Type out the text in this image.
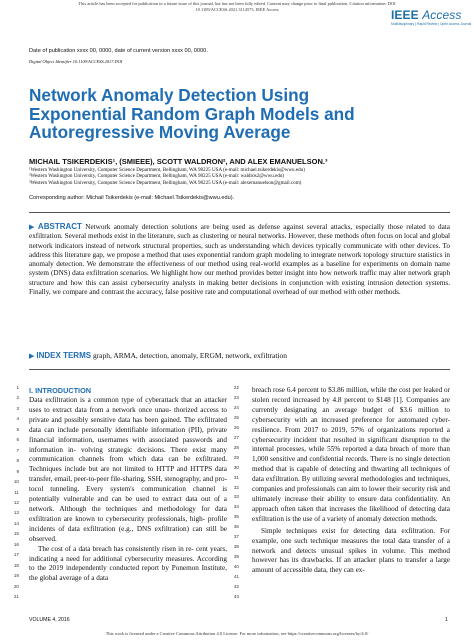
This article has been accepted for publication in a future issue of this journal, but has not been fully edited. Content may change prior to final publication. Citation information: DOI
10.1109/ACCESS.2021.3114575, IEEE Access	IEEE Access
Multidisciplinary | Rapid Review | Open Access Journal
Date of publication xxxx 00, 0000, date of current version xxxx 00, 0000.
Digital Object Identifier 10.1109/ACCESS.2017.DOI
Network Anomaly Detection Using
Exponential Random Graph Models and
Autoregressive Moving Average
MICHAIL TSIKERDEKIS¹, (SMIEEE), SCOTT WALDRON², AND ALEX EMANUELSON.³
¹Western Washington University, Computer Science Department, Bellingham, WA 98225 USA (e-mail: michael.tsikerdekis@wwu.edu)
²Western Washington University, Computer Science Department, Bellingham, WA 98225 USA (e-mail: waldros2@wwu.edu)
³Western Washington University, Computer Science Department, Bellingham, WA 98225 USA (e-mail: alexemanuelson@gmail.com)
Corresponding author: Michail Tsikerdekis (e-mail: Michael.Tsikerdekis@wwu.edu).
▶ ABSTRACT Network anomaly detection solutions are being used as defense against several attacks, especially those related to data exfiltration. Several methods exist in the literature, such as clustering or neural networks. However, these methods often focus on local and global network indicators instead of network structural properties, such as understanding which devices typically communicate with other devices. To address this literature gap, we propose a method that uses exponential random graph modeling to integrate network topology structure statistics in anomaly detection. We demonstrate the effectiveness of our method using real-world examples as a baseline for experiments on domain name system (DNS) data exfiltration scenarios. We highlight how our method provides better insight into how network traffic may alter network graph structure and how this can assist cybersecurity analysts in making better decisions in conjunction with existing intrusion detection systems. Finally, we compare and contrast the accuracy, false positive rate and computational overhead of our method with other methods.
▶ INDEX TERMS graph, ARMA, detection, anomaly, ERGM, network, exfiltration
1
2
3
4
5
6
7
8
9
10
11
12
13
14
15
16
17
18
19
20
21
I. INTRODUCTION
Data exfiltration is a common type of cyberattack that an attacker uses to extract data from a network once unau- thorized access to private and possibly sensitive data has been gained. The exfiltrated data can include personally identifiable information (PII), private financial information, usernames with associated passwords and information in- volving strategic decisions. There exist many communication channels from which data can be exfiltrated. Techniques include but are not limited to HTTP and HTTPS data transfer, email, peer-to-peer file-sharing, SSH, stenography, and pro- tocol tunneling. Every system's communication channel is potentially vulnerable and can be used to extract data out of a network. Although the techniques and methodology for data exfiltration are known to cybersecurity professionals, high- profile incidents of data exfiltration (e.g., DNS exfiltration) can still be observed.
The cost of a data breach has consistently risen in re- cent years, indicating a need for additional cybersecurity measures. According to the 2019 independently conducted report by Ponemon Institute, the global average of a data
22
23
24
25
26
27
28
29
30
31
32
33
34
35
36
37
38
39
40
41
42
43
breach rose 6.4 percent to $3.86 million, while the cost per leaked or stolen record increased by 4.8 percent to $148 [1]. Companies are currently designating an average budget of $3.6 million to cybersecurity with an increased preference for automated cyber-resilience. From 2017 to 2019, 57% of organizations reported a cybersecurity incident that resulted in significant disruption to the internal processes, while 55% reported a data breach of more than 1,000 sensitive and confidential records. There is no single detection method that is capable of detecting and thwarting all techniques of data exfiltration. By utilizing several methodologies and techniques, companies and professionals can aim to lower their security risk and ultimately increase their ability to ensure data confidentiality. An approach often taken that increases the likelihood of detecting data exfiltration is the use of a variety of anomaly detection methods.
Simple techniques exist for detecting data exfiltration. For example, one such technique measures the total data transfer of a network and detects unusual spikes in volume. This method however has its drawbacks. If an attacker plans to transfer a large amount of accessible data, they can ex-
VOLUME 4, 2016	1
This work is licensed under a Creative Commons Attribution 4.0 License. For more information, see https://creativecommons.org/licenses/by/4.0/
